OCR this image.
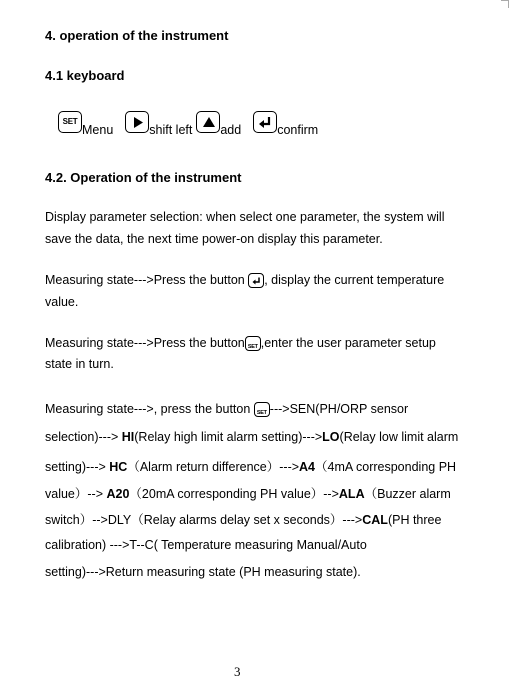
4. operation of the instrument
4.1 keyboard
SETMenu	shift left add	confirm
4.2. Operation of the instrument
Display parameter selection: when select one parameter, the system will
save the data, the next time power-on display this parameter.
Measuring state--->Press the button
, display the current temperature
value.
Measuring state--->Press the button SET ,enter the user parameter setup
state in turn.
Measuring state--->, press the button SET --->SEN(PH/ORP sensor
selection)---> HI(Relay high limit alarm setting)--->LO(Relay low limit alarm
setting)---> HC（Alarm return difference）--->A4（4mA corresponding PH
value）--> A20（20mA corresponding PH value）-->ALA（Buzzer alarm
switch）-->DLY（Relay alarms delay set x seconds）--->CAL(PH three
calibration) --->T--C( Temperature measuring Manual/Auto
setting)--->Return measuring state (PH measuring state).
3
